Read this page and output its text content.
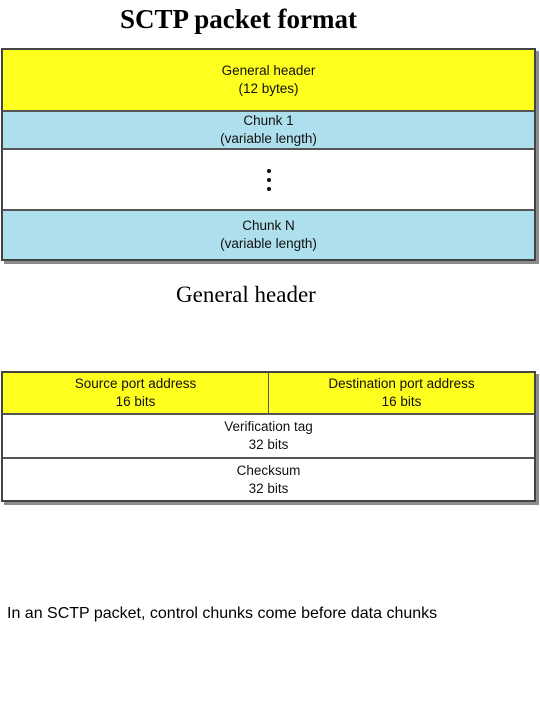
SCTP packet format
General header
(12 bytes)
Chunk 1
(variable length)
Chunk N
(variable length)
General header
Source port address
16 bits
Destination port address
16 bits
Verification tag
32 bits
Checksum
32 bits
In an SCTP packet, control chunks come before data chunks
